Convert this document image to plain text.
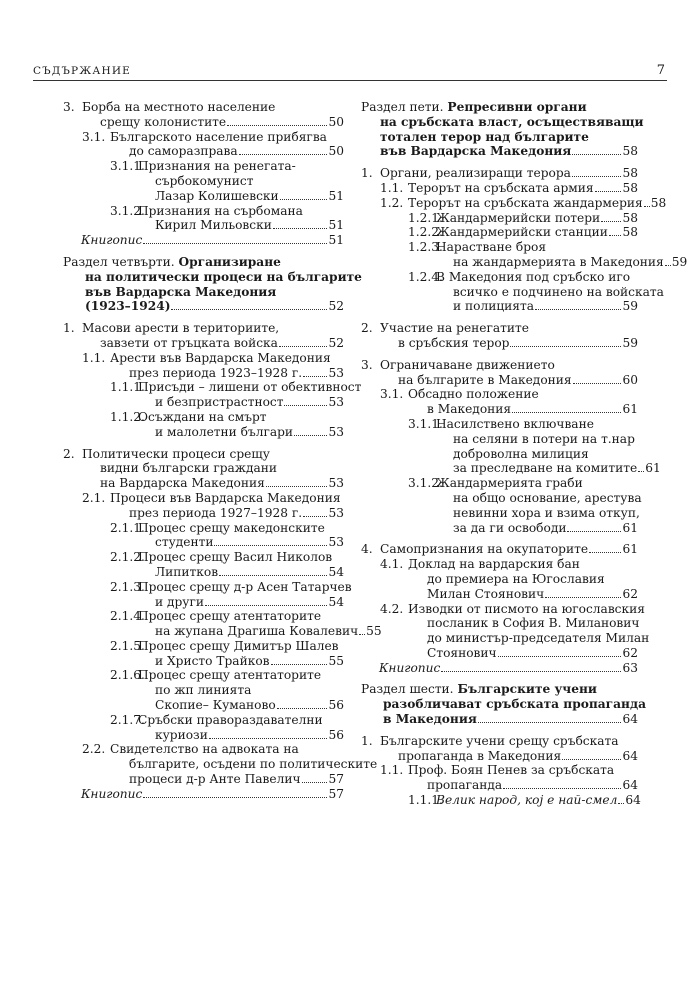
СЪДЪРЖАНИЕ	7
3. Борба на местното население
срещу колонистите	50
3.1. Българското население прибягва
до саморазправа	50
3.1.1.
Признания на ренегата-
сърбокомунист
Лазар Колишевски	51
3.1.2.
Признания на сърбомана
Кирил Мильовски	51
Книгопис	51
Раздел четвърти. Организиране
на политически процеси на българите
във Вардарска Македония
(1923–1924)	52
1. Масови арести в териториите,
завзети от гръцката войска	52
1.1. Арести във Вардарска Македония
през периода 1923–1928 г. 53
1.1.1.
Присъди – лишени от обективност
и безпристрастност	53
1.1.2.
Осъждани на смърт
и малолетни българи	53
2. Политически процеси срещу
видни български граждани
на Вардарска Македония	53
2.1. Процеси във Вардарска Македония
през периода 1927–1928 г. 53
2.1.1.
Процес срещу македонските
студенти	53
2.1.2.
Процес срещу Васил Николов
Липитков	54
2.1.3.
Процес срещу д-р Асен Татарчев
и други	54
2.1.4.
Процес срещу атентаторите
на жупана Драгиша Ковалевич 55
2.1.5.
Процес срещу Димитър Шалев
и Христо Трайков	55
2.1.6.
Процес срещу атентаторите
по жп линията
Скопие– Куманово	56
2.1.7.
Сръбски правораздавателни
куриози	56
2.2. Свидетелство на адвоката на
българите, осъдени по политическите
процеси д-р Анте Павелич 57
Книгопис	57
Раздел пети. Репресивни органи
на сръбската власт, осъществяващи
тотален терор над българите
във Вардарска Македония	58
1. Органи, реализиращи терора	58
1.1. Терорът на сръбската армия 58
1.2. Терорът на сръбската жандармерия 58
1.2.1.
Жандармерийски потери 58
1.2.2.
Жандармерийски станции 58
1.2.3.
Нарастване броя
на жандармерията в Македония 59
1.2.4.
В Македония под сръбско иго
всичко е подчинено на войската
и полицията	59
2. Участие на ренегатите
в сръбския терор	59
3. Ограничаване движението
на българите в Македония	60
3.1. Обсадно положение
в Македония	61
3.1.1.
Насилствено включване
на селяни в потери на т.нар
доброволна милиция
за преследване на комитите 61
3.1.2.
Жандармерията граби
на общо основание, арестува
невинни хора и взима откуп,
за да ги освободи	61
4. Самопризнания на окупаторите	61
4.1. Доклад на вардарския бан
до премиера на Югославия
Милан Стоянович	62
4.2. Изводки от писмото на югославския
посланик в София В. Миланович
до министър-председателя Милан
Стоянович	62
Книгопис	63
Раздел шести. Българските учени
разобличават сръбската пропаганда
в Македония	64
1. Българските учени срещу сръбската
пропаганда в Македония	64
1.1. Проф. Боян Пенев за сръбската
пропаганда	64
1.1.1.
Велик народ, кој е най-смел 64
